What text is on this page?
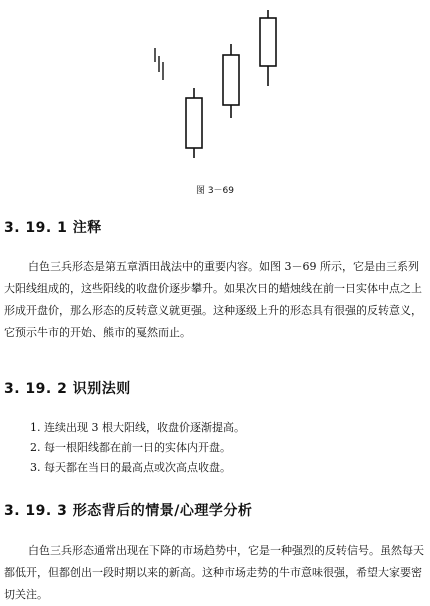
图 3－69
3. 19. 1 注释
白色三兵形态是第五章酒田战法中的重要内容。如图 3－69 所示，它是由三系列大阳线组成的，这些阳线的收盘价逐步攀升。如果次日的蜡烛线在前一日实体中点之上形成开盘价，那么形态的反转意义就更强。这种逐级上升的形态具有很强的反转意义，它预示牛市的开始、熊市的戛然而止。
3. 19. 2 识别法则
1. 连续出现 3 根大阳线，收盘价逐渐提高。
2. 每一根阳线都在前一日的实体内开盘。
3. 每天都在当日的最高点或次高点收盘。
3. 19. 3 形态背后的情景/心理学分析
白色三兵形态通常出现在下降的市场趋势中，它是一种强烈的反转信号。虽然每天都低开，但都创出一段时期以来的新高。这种市场走势的牛市意味很强，希望大家要密切关注。
